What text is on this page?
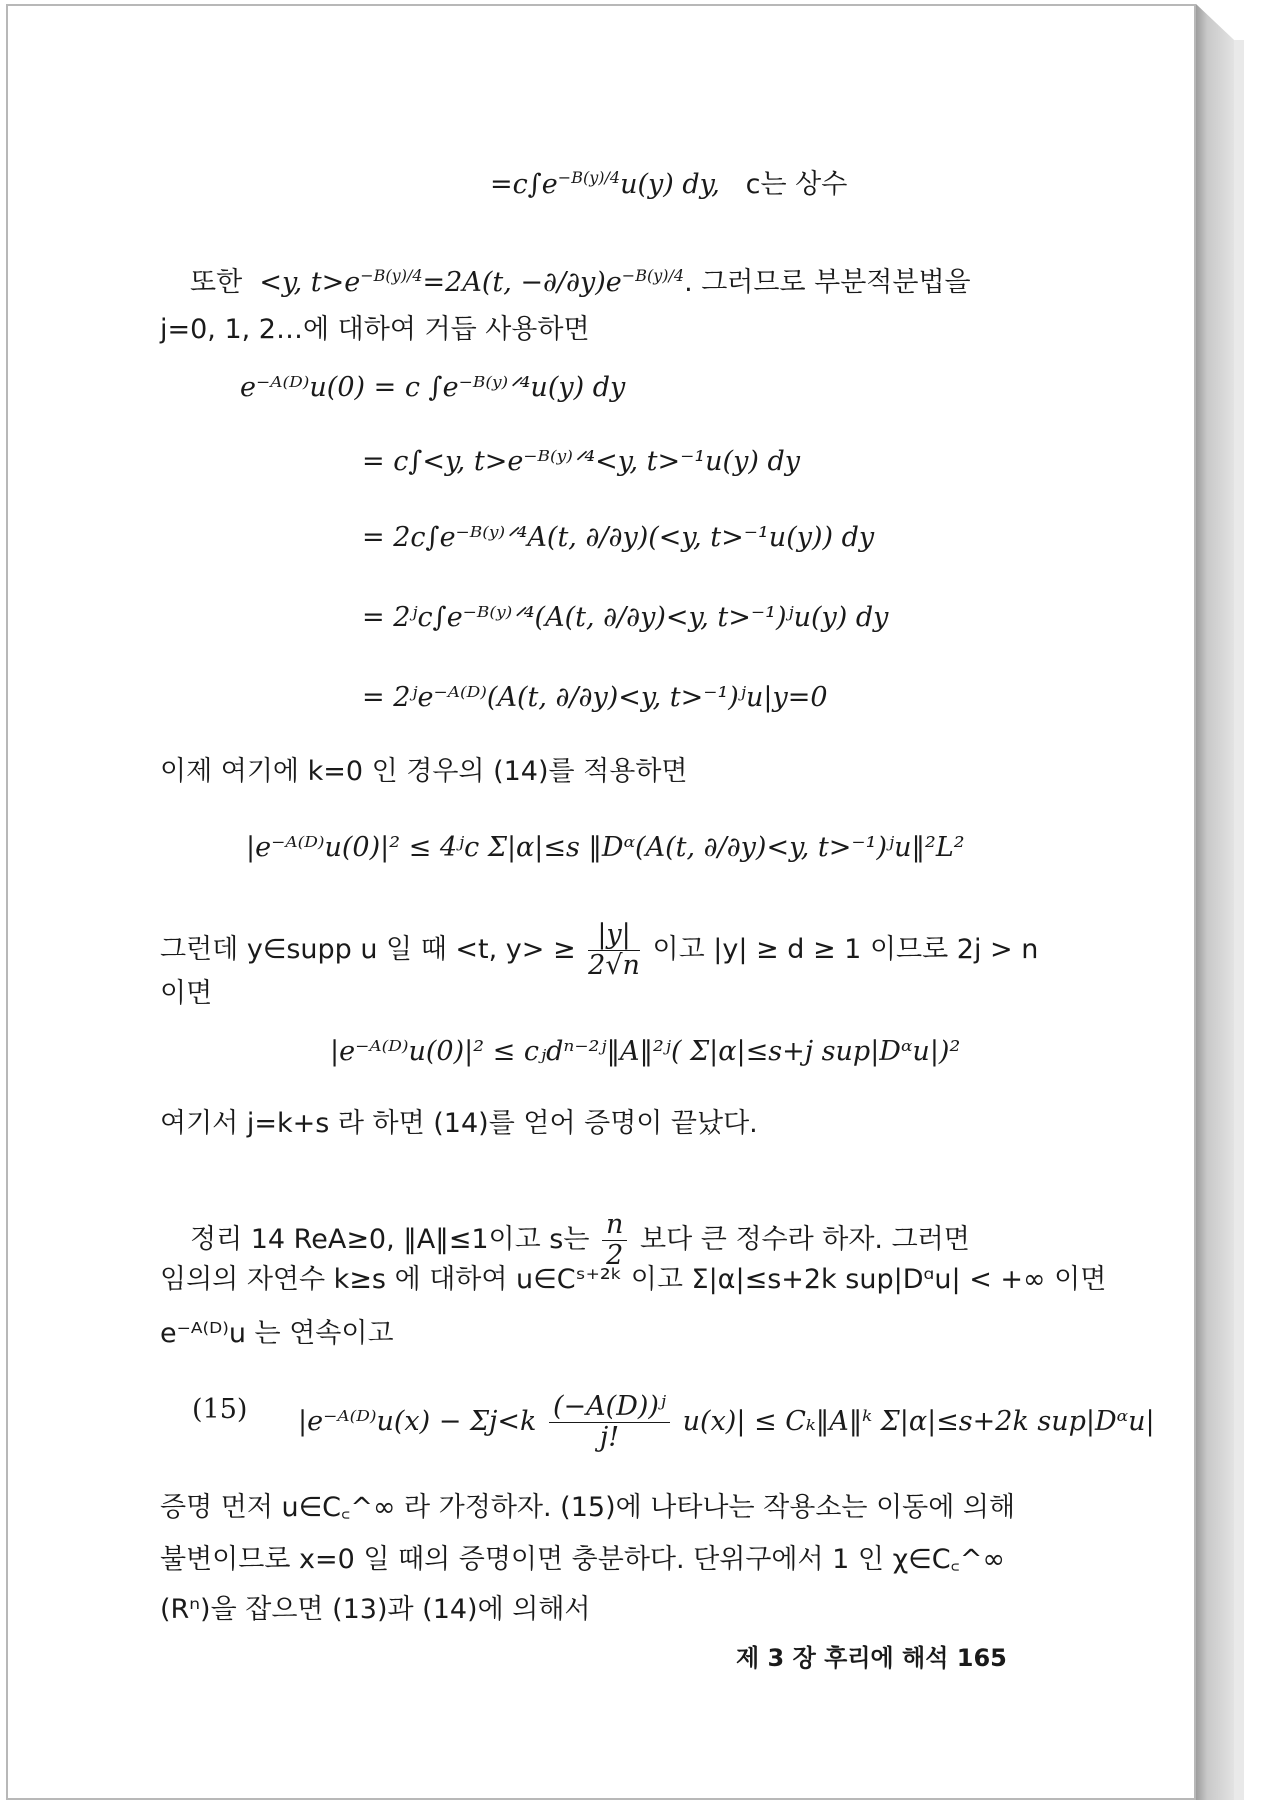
$=c\int e^{-B(y)/4}u(y)$ dy, c는 상수
또한 <y, $t>e^{-B(y)/4}=2A(t$, $-\partial/\partial y)e^{-B(y)/4}$. 그러므로 부분적분법을
j=0, 1, 2…에 대하여 거듭 사용하면
e⁻ᴬ⁽ᴰ⁾u(0) = c ∫e⁻ᴮ⁽ʸ⁾ᐟ⁴u(y) dy
= c∫<y, t>e⁻ᴮ⁽ʸ⁾ᐟ⁴<y, t>⁻¹u(y) dy
= 2c∫e⁻ᴮ⁽ʸ⁾ᐟ⁴A(t, ∂/∂y)(<y, t>⁻¹u(y)) dy
= 2ʲc∫e⁻ᴮ⁽ʸ⁾ᐟ⁴(A(t, ∂/∂y)<y, t>⁻¹)ʲu(y) dy
= 2ʲe⁻ᴬ⁽ᴰ⁾(A(t, ∂/∂y)<y, t>⁻¹)ʲu|y=0
이제 여기에 k=0 인 경우의 (14)를 적용하면
|e⁻ᴬ⁽ᴰ⁾u(0)|² ≤ 4ʲc Σ|α|≤s ‖Dᵅ(A(t, ∂/∂y)<y, t>⁻¹)ʲu‖²L²
그런데 y∈supp u 일 때 <t, $y> \ge \frac{|y|}{2√n}$ 이고 |y| ≥ d ≥ 1 이므로 2j > n
이면
|e⁻ᴬ⁽ᴰ⁾u(0)|² ≤ cⱼdⁿ⁻²ʲ‖A‖²ʲ( Σ|α|≤s+j sup|Dᵅu|)²
여기서 j=k+s 라 하면 (14)를 얻어 증명이 끝났다.
정리 14 ReA≥0, ‖A‖≤1이고 s는 $\frac{n}{2}$ 보다 큰 정수라 하자. 그러면
임의의 자연수 k≥s 에 대하여 u∈Cˢ⁺²ᵏ 이고 Σ|α|≤s+2k sup|Dᵅu| < +∞ 이면
e⁻ᴬ⁽ᴰ⁾u 는 연속이고
(15) |e⁻ᴬ⁽ᴰ⁾u(x) − $\Sigma j<k \frac{\text{(−A(D))ʲ}}{j!} u(x)|$ ≤ Cₖ‖A‖ᵏ Σ|α|≤s+2k sup|Dᵅu|
증명 먼저 u∈C꜀^∞ 라 가정하자. (15)에 나타나는 작용소는 이동에 의해
불변이므로 x=0 일 때의 증명이면 충분하다. 단위구에서 1 인 χ∈C꜀^∞
(Rⁿ)을 잡으면 (13)과 (14)에 의해서
제 3 장 후리에 해석 165
